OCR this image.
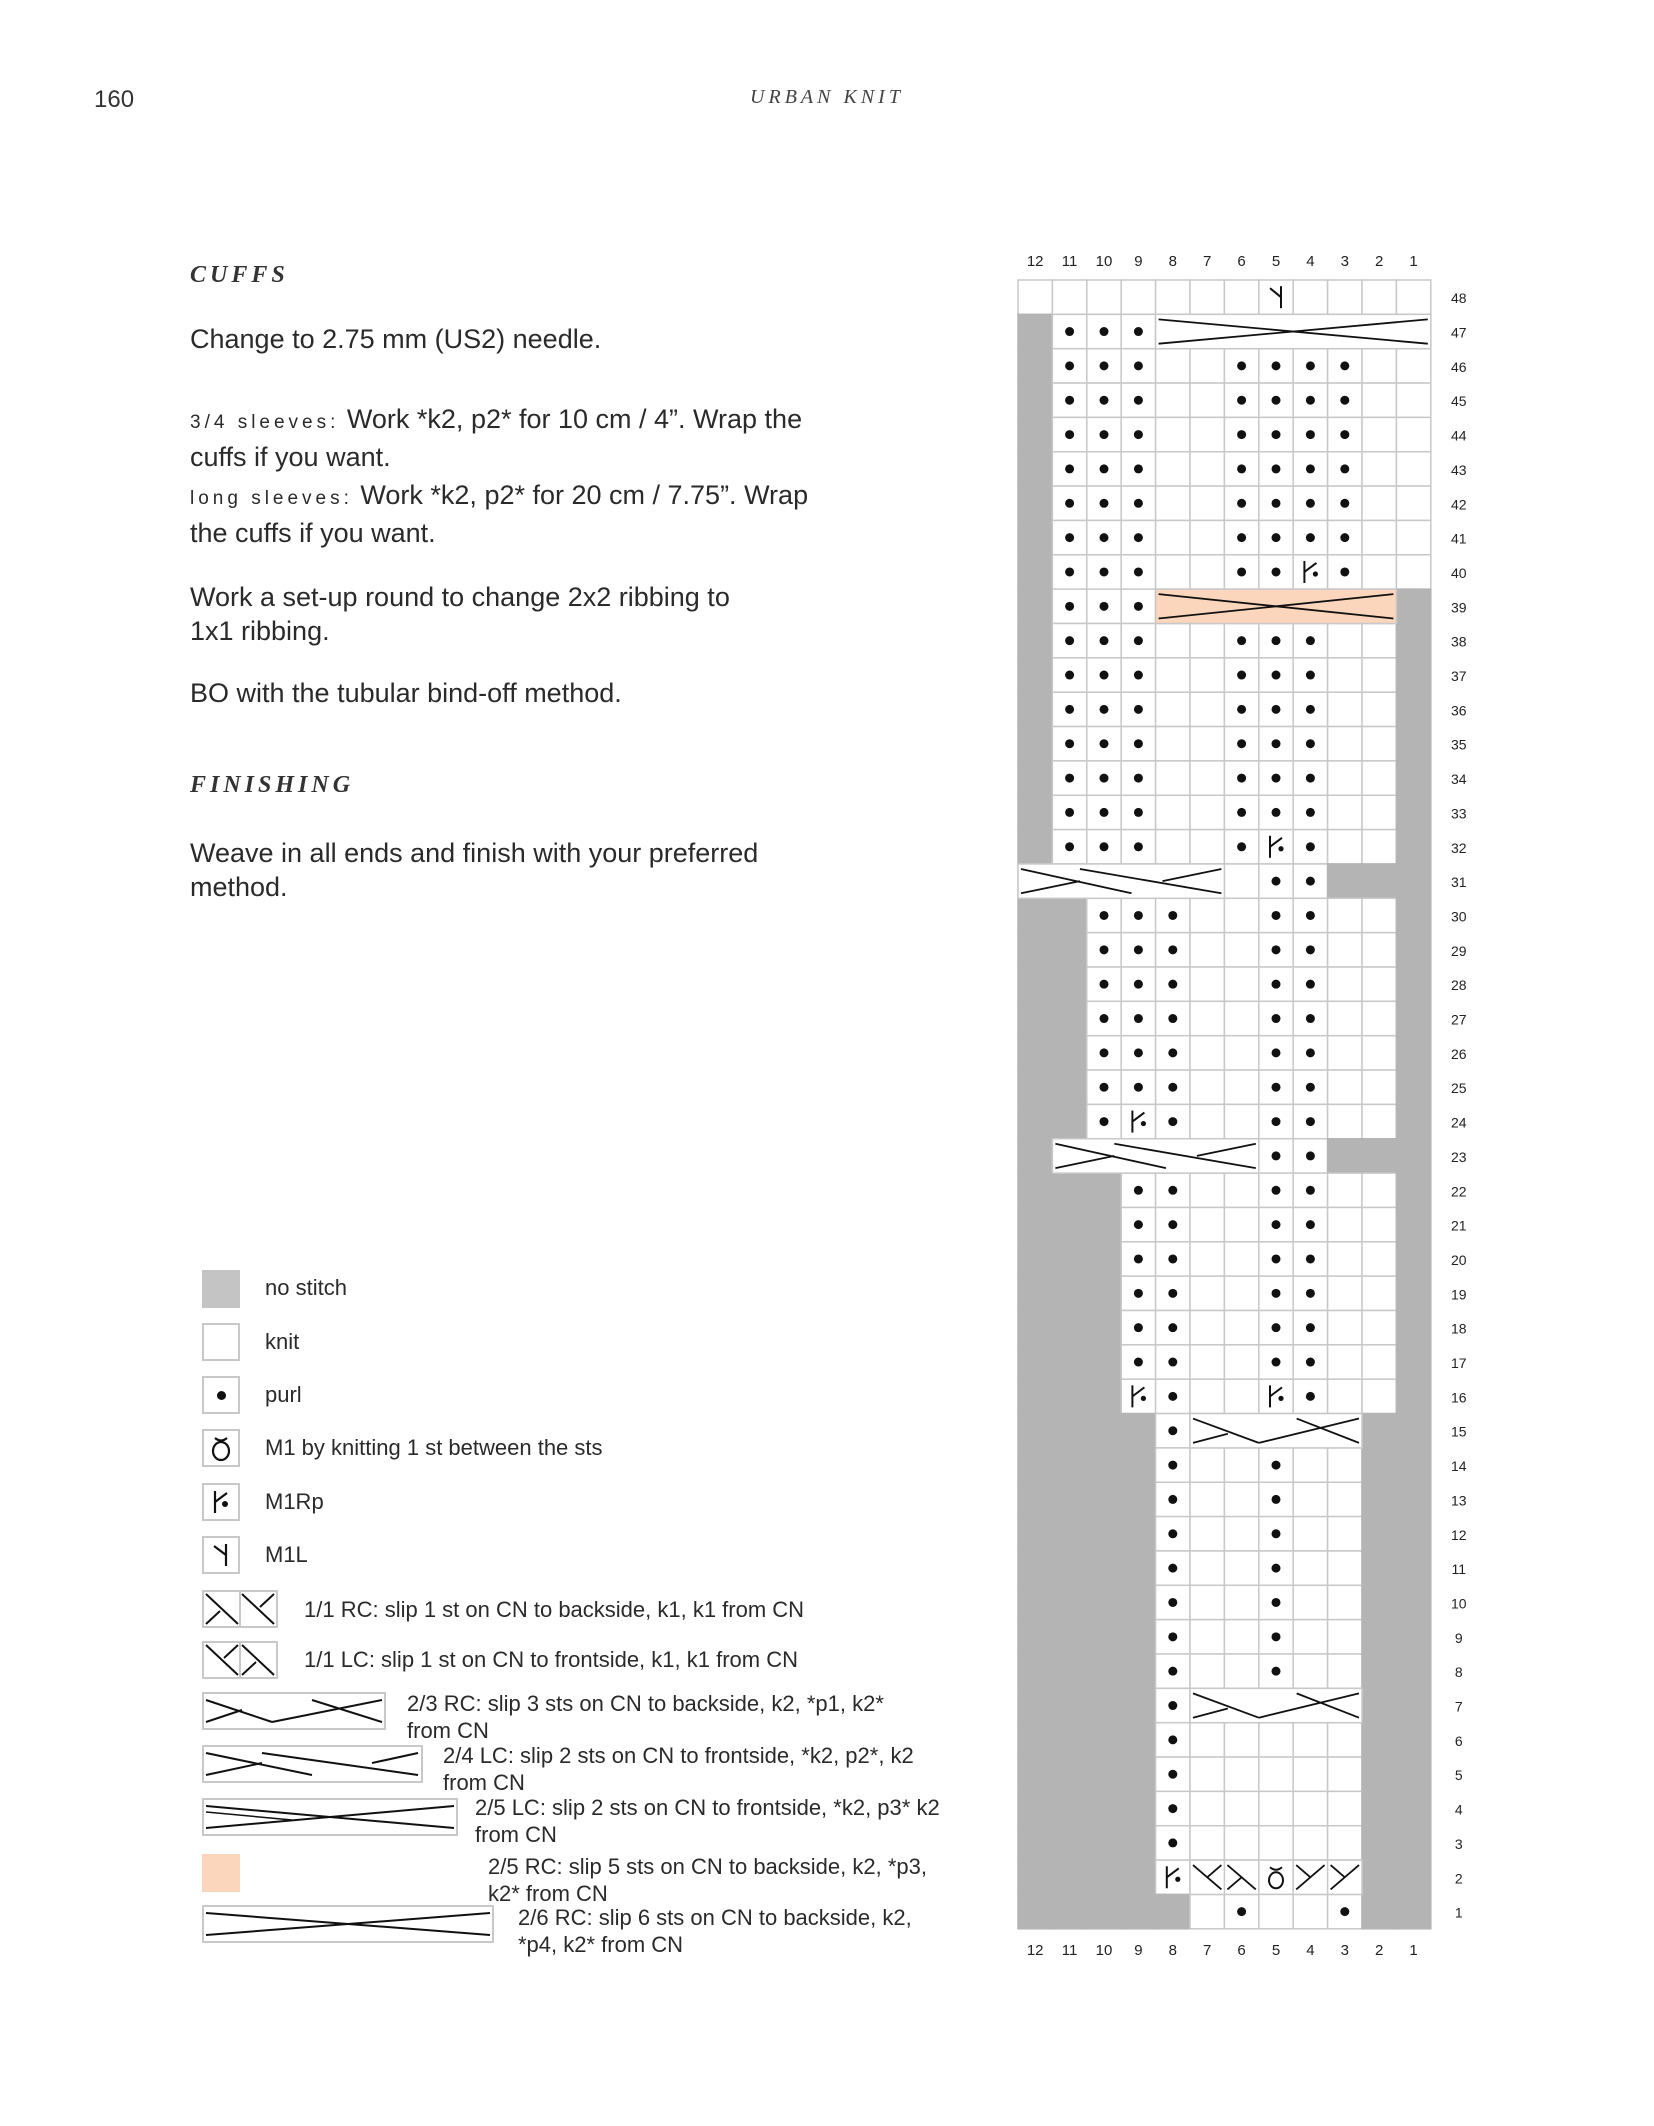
160	URBAN KNIT
CUFFS

Change to 2.75 mm (US2) needle.

3/4 sleeves: Work *k2, p2* for 10 cm / 4”. Wrap the cuffs if you want.

long sleeves: Work *k2, p2* for 20 cm / 7.75”. Wrap the cuffs if you want.

Work a set-up round to change 2x2 ribbing to 1x1 ribbing.

BO with the tubular bind-off method.

FINISHING

Weave in all ends and finish with your preferred method.

no stitch
knit
purl
M1 by knitting 1 st between the sts
M1Rp
M1L
1/1 RC: slip 1 st on CN to backside, k1, k1 from CN
1/1 LC: slip 1 st on CN to frontside, k1, k1 from CN
2/3 RC: slip 3 sts on CN to backside, k2, *p1, k2* from CN
2/4 LC: slip 2 sts on CN to frontside, *k2, p2*, k2 from CN
2/5 LC: slip 2 sts on CN to frontside, *k2, p3* k2 from CN
2/5 RC: slip 5 sts on CN to backside, k2, *p3, k2* from CN
2/6 RC: slip 6 sts on CN to backside, k2, *p4, k2* from CN
12
12
11
11
10
10
9
9
8
8
7
7
6
6
5
5
4
4
3
3
2
2
1
1
48
47
46
45
44
43
42
41
40
39
38
37
36
35
34
33
32
31
30
29
28
27
26
25
24
23
22
21
20
19
18
17
16
15
14
13
12
11
10
9
8
7
6
5
4
3
2
1
